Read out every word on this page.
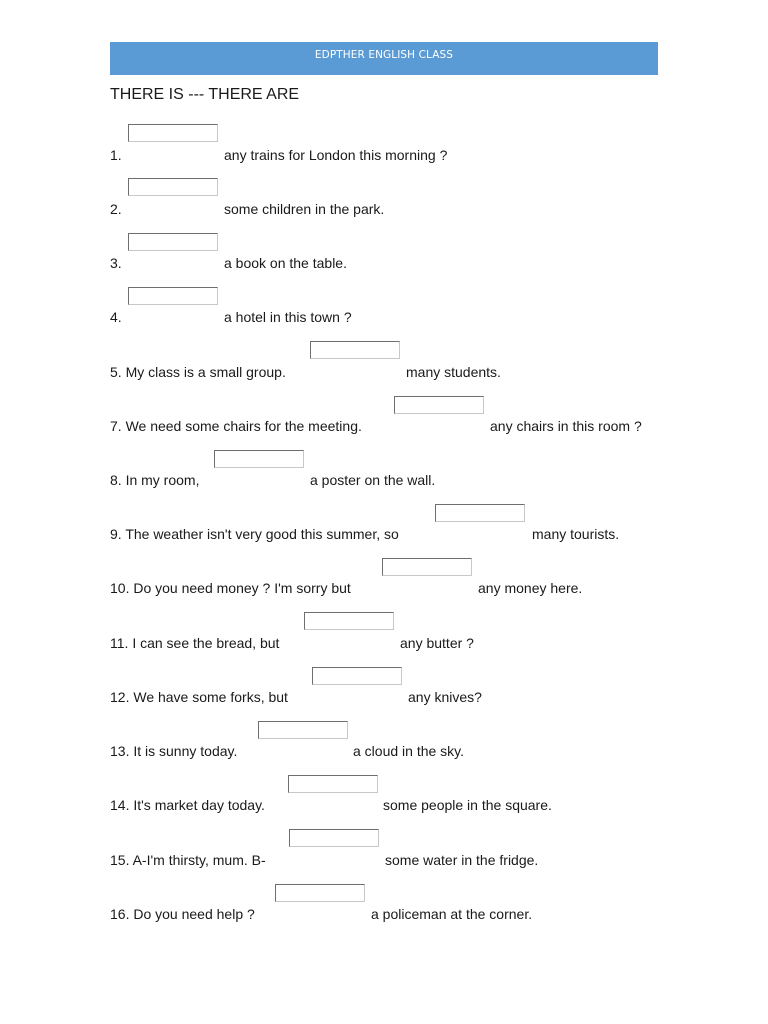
EDPTHER ENGLISH CLASS
THERE IS --- THERE ARE
1.	any trains for London this morning ?
2.	some children in the park.
3.	a book on the table.
4.	a hotel in this town ?
5. My class is a small group.	many students.
7. We need some chairs for the meeting.	any chairs in this room ?
8. In my room,	a poster on the wall.
9. The weather isn't very good this summer, so	many tourists.
10. Do you need money ? I'm sorry but	any money here.
11. I can see the bread, but	any butter ?
12. We have some forks, but	any knives?
13. It is sunny today.	a cloud in the sky.
14. It's market day today.	some people in the square.
15. A-I'm thirsty, mum. B-	some water in the fridge.
16. Do you need help ?	a policeman at the corner.
